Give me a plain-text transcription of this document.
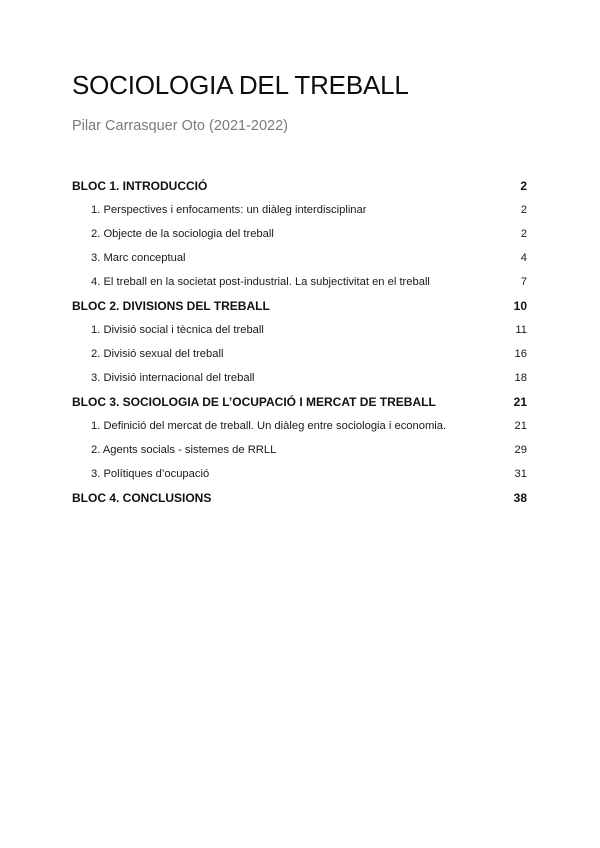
SOCIOLOGIA DEL TREBALL
Pilar Carrasquer Oto (2021-2022)
BLOC 1. INTRODUCCIÓ	2
1. Perspectives i enfocaments: un diàleg interdisciplinar	2
2. Objecte de la sociologia del treball	2
3. Marc conceptual	4
4. El treball en la societat post-industrial. La subjectivitat en el treball	7
BLOC 2. DIVISIONS DEL TREBALL	10
1. Divisió social i tècnica del treball	11
2. Divisió sexual del treball	16
3. Divisió internacional del treball	18
BLOC 3. SOCIOLOGIA DE L’OCUPACIÓ I MERCAT DE TREBALL	21
1. Definició del mercat de treball. Un diàleg entre sociologia i economia.	21
2. Agents socials - sistemes de RRLL	29
3. Polítiques d’ocupació	31
BLOC 4. CONCLUSIONS	38
